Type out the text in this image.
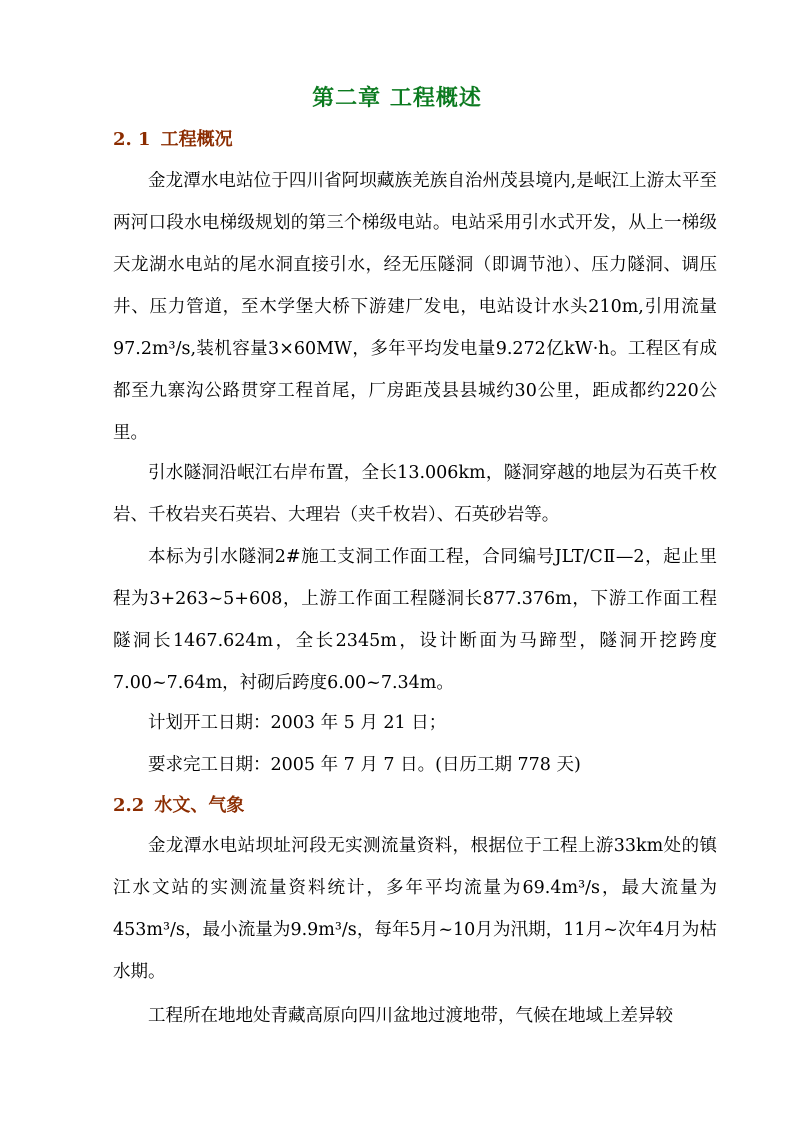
第二章 工程概述
2. 1 工程概况

金龙潭水电站位于四川省阿坝藏族羌族自治州茂县境内,是岷江上游太平至两河口段水电梯级规划的第三个梯级电站。电站采用引水式开发，从上一梯级天龙湖水电站的尾水洞直接引水，经无压隧洞（即调节池）、压力隧洞、调压井、压力管道，至木学堡大桥下游建厂发电，电站设计水头210m,引用流量97.2m³/s,装机容量3×60MW，多年平均发电量9.272亿kW·h。工程区有成都至九寨沟公路贯穿工程首尾，厂房距茂县县城约30公里，距成都约220公里。

引水隧洞沿岷江右岸布置，全长13.006km，隧洞穿越的地层为石英千枚岩、千枚岩夹石英岩、大理岩（夹千枚岩）、石英砂岩等。

本标为引水隧洞2#施工支洞工作面工程，合同编号JLT/CⅡ—2，起止里程为3+263~5+608，上游工作面工程隧洞长877.376m，下游工作面工程隧洞长1467.624m，全长2345m，设计断面为马蹄型，隧洞开挖跨度7.00~7.64m，衬砌后跨度6.00~7.34m。

计划开工日期：2003 年 5 月 21 日；
要求完工日期：2005 年 7 月 7 日。(日历工期 778 天)
2.2 水文、气象

金龙潭水电站坝址河段无实测流量资料，根据位于工程上游33km处的镇江水文站的实测流量资料统计，多年平均流量为69.4m³/s，最大流量为453m³/s，最小流量为9.9m³/s，每年5月~10月为汛期，11月~次年4月为枯水期。

工程所在地地处青藏高原向四川盆地过渡地带，气候在地域上差异较
